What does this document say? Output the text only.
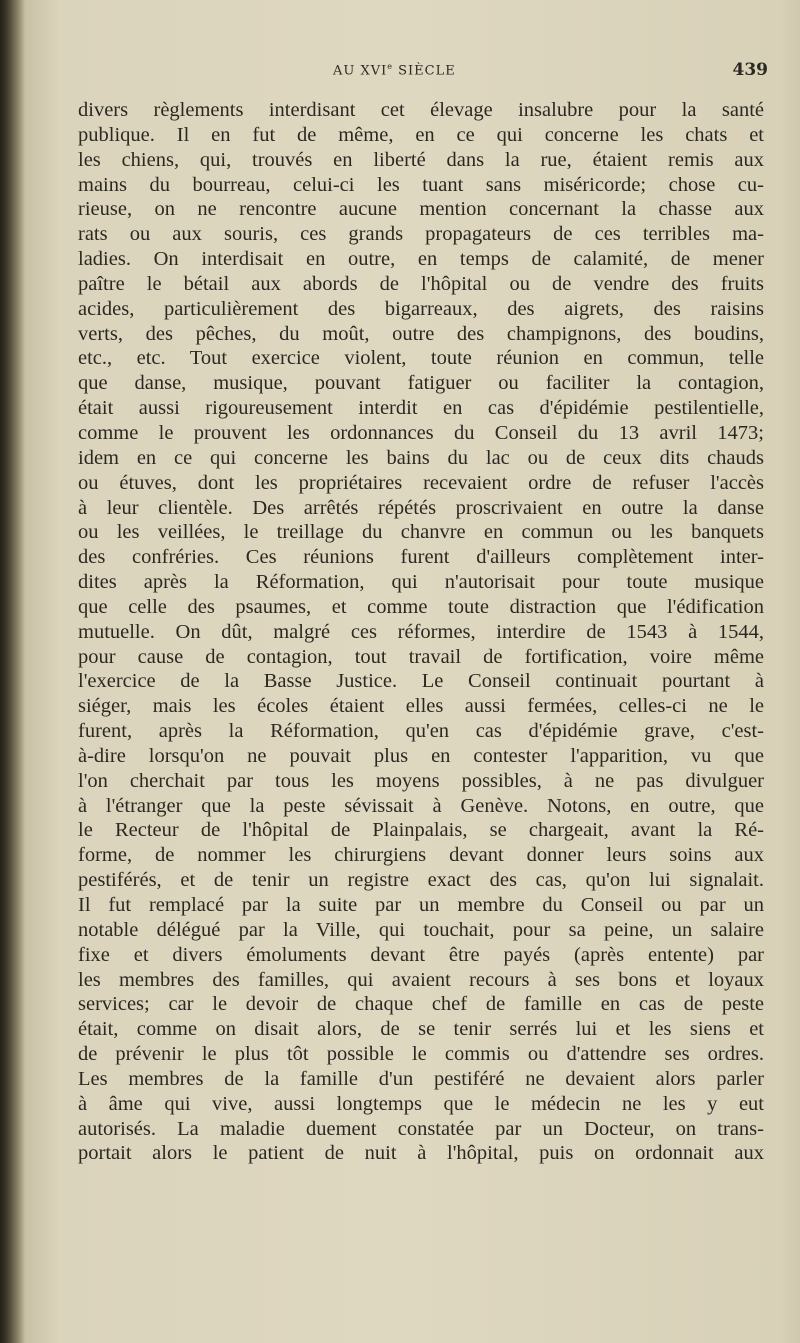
AU XVIe SIÈCLE	439
divers règlements interdisant cet élevage insalubre pour la santé
publique. Il en fut de même, en ce qui concerne les chats et
les chiens, qui, trouvés en liberté dans la rue, étaient remis aux
mains du bourreau, celui-ci les tuant sans miséricorde; chose cu-
rieuse, on ne rencontre aucune mention concernant la chasse aux
rats ou aux souris, ces grands propagateurs de ces terribles ma-
ladies. On interdisait en outre, en temps de calamité, de mener
paître le bétail aux abords de l'hôpital ou de vendre des fruits
acides, particulièrement des bigarreaux, des aigrets, des raisins
verts, des pêches, du moût, outre des champignons, des boudins,
etc., etc. Tout exercice violent, toute réunion en commun, telle
que danse, musique, pouvant fatiguer ou faciliter la contagion,
était aussi rigoureusement interdit en cas d'épidémie pestilentielle,
comme le prouvent les ordonnances du Conseil du 13 avril 1473;
idem en ce qui concerne les bains du lac ou de ceux dits chauds
ou étuves, dont les propriétaires recevaient ordre de refuser l'accès
à leur clientèle. Des arrêtés répétés proscrivaient en outre la danse
ou les veillées, le treillage du chanvre en commun ou les banquets
des confréries. Ces réunions furent d'ailleurs complètement inter-
dites après la Réformation, qui n'autorisait pour toute musique
que celle des psaumes, et comme toute distraction que l'édification
mutuelle. On dût, malgré ces réformes, interdire de 1543 à 1544,
pour cause de contagion, tout travail de fortification, voire même
l'exercice de la Basse Justice. Le Conseil continuait pourtant à
siéger, mais les écoles étaient elles aussi fermées, celles-ci ne le
furent, après la Réformation, qu'en cas d'épidémie grave, c'est-
à-dire lorsqu'on ne pouvait plus en contester l'apparition, vu que
l'on cherchait par tous les moyens possibles, à ne pas divulguer
à l'étranger que la peste sévissait à Genève. Notons, en outre, que
le Recteur de l'hôpital de Plainpalais, se chargeait, avant la Ré-
forme, de nommer les chirurgiens devant donner leurs soins aux
pestiférés, et de tenir un registre exact des cas, qu'on lui signalait.
Il fut remplacé par la suite par un membre du Conseil ou par un
notable délégué par la Ville, qui touchait, pour sa peine, un salaire
fixe et divers émoluments devant être payés (après entente) par
les membres des familles, qui avaient recours à ses bons et loyaux
services; car le devoir de chaque chef de famille en cas de peste
était, comme on disait alors, de se tenir serrés lui et les siens et
de prévenir le plus tôt possible le commis ou d'attendre ses ordres.
Les membres de la famille d'un pestiféré ne devaient alors parler
à âme qui vive, aussi longtemps que le médecin ne les y eut
autorisés. La maladie duement constatée par un Docteur, on trans-
portait alors le patient de nuit à l'hôpital, puis on ordonnait aux
